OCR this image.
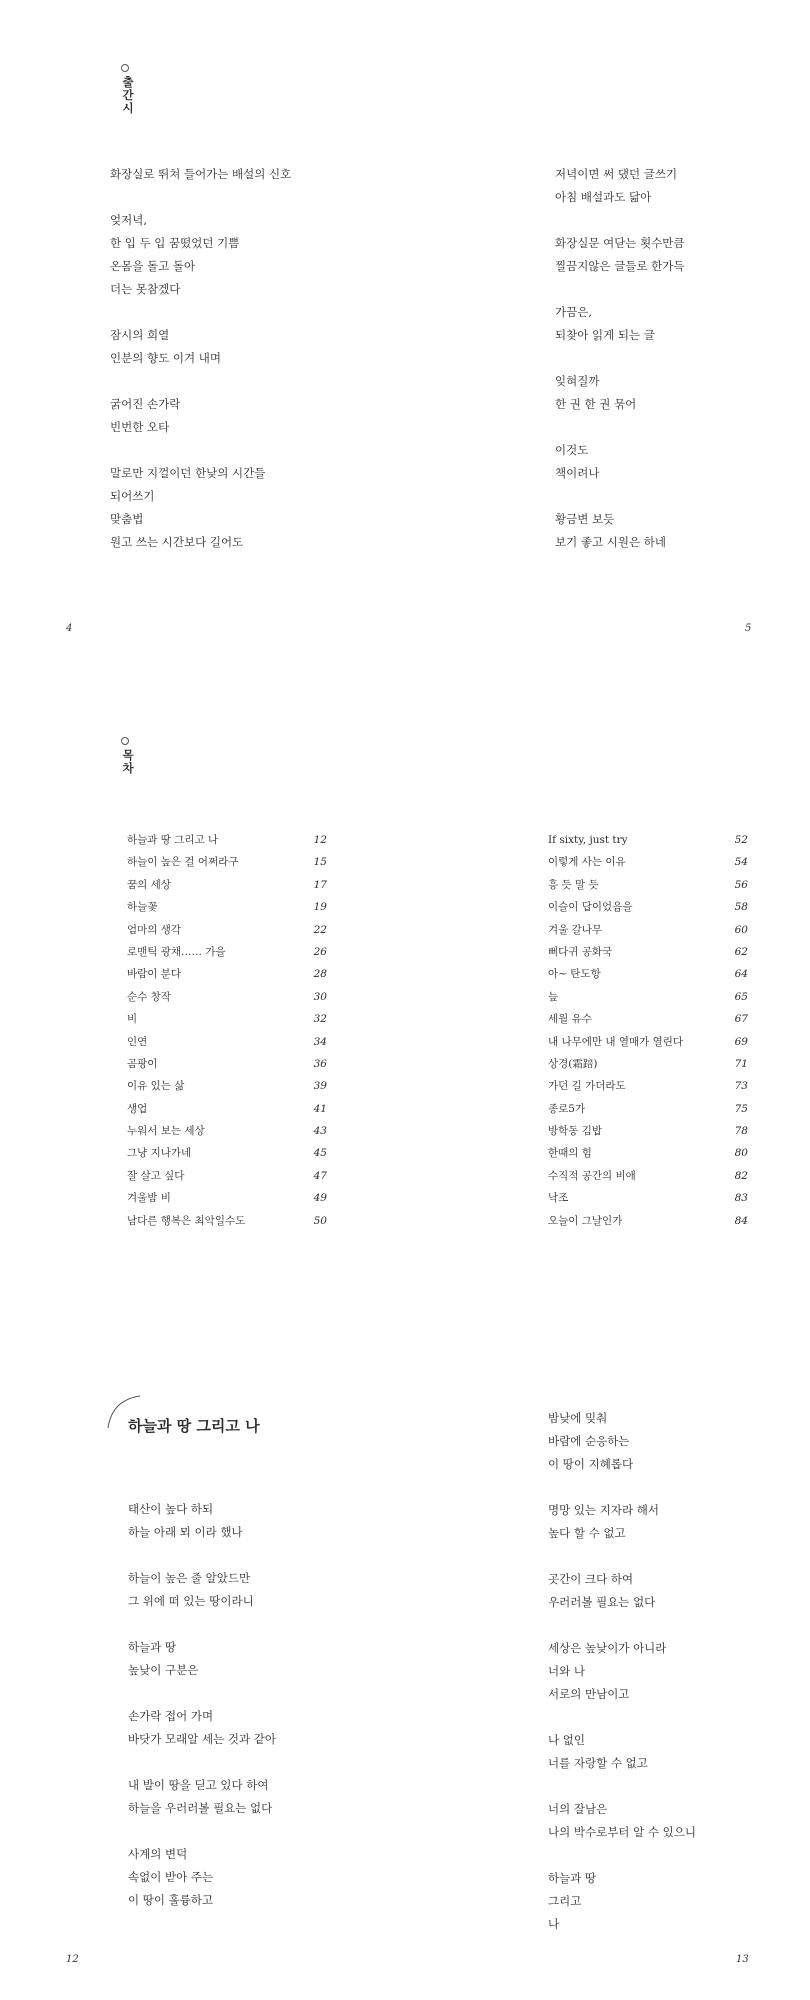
출
간
시
화장실로 뛰쳐 들어가는 배설의 신호
엊저녁,
한 입 두 입 꿈떴었던 기쁨
온몸을 돌고 돌아
더는 못참겠다
잠시의 희열
인분의 향도 이겨 내며
굵어진 손가락
빈번한 오타
말로만 지껄이던 한낮의 시간들
되어쓰기
맞춤법
원고 쓰는 시간보다 길어도
저녁이면 써 댔던 글쓰기
아침 배설과도 닮아
화장실문 여닫는 횟수만큼
찔끔지않은 글들로 한가득
가끔은,
되찾아 읽게 되는 글
잊혀질까
한 권 한 권 묶어
이것도
책이려나
황금변 보듯
보기 좋고 시원은 하네
4	5
목
차
하늘과 땅 그리고 나	12
하늘이 높은 걸 어쩌라구	15
꿈의 세상	17
하늘꽃	19
엄마의 생각	22
로맨틱 광채…… 가을	26
바람이 분다	28
순수 창작	30
비	32
인연	34
곰팡이	36
이유 있는 삶	39
생업	41
누워서 보는 세상	43
그냥 지나가네	45
잘 살고 싶다	47
겨울밤 비	49
남다른 행복은 최악일수도	50
If sixty, just try	52
이렇게 사는 이유	54
흥 듯 말 듯	56
이슬이 답이었음을	58
겨울 갈나무	60
뻐다귀 공화국	62
아~ 탄도항	64
늪	65
세월 유수	67
내 나무에만 내 열매가 열린다	69
상경(霜踣)	71
가던 길 가더라도	73
종로5가	75
방학동 김밥	78
한때의 힘	80
수직적 공간의 비애	82
낙조	83
오늘이 그날인가	84
하늘과 땅 그리고 나
태산이 높다 하되
하늘 아래 뫼 이라 했나
하늘이 높은 줄 알았드만
그 위에 떠 있는 땅이라니
하늘과 땅
높낮이 구분은
손가락 접어 가며
바닷가 모래알 세는 것과 같아
내 발이 땅을 딛고 있다 하여
하늘을 우러러볼 필요는 없다
사계의 변덕
속없이 받아 주는
이 땅이 훌륭하고
밤낮에 밎춰
바람에 순응하는
이 땅이 지혜롭다
명망 있는 지자라 해서
높다 할 수 없고
곳간이 크다 하여
우러러볼 필요는 없다
세상은 높낮이가 아니라
너와 나
서로의 만남이고
나 없인
너를 자랑할 수 없고
너의 잘남은
나의 박수로부터 알 수 있으니
하늘과 땅
그리고
나
12	13
